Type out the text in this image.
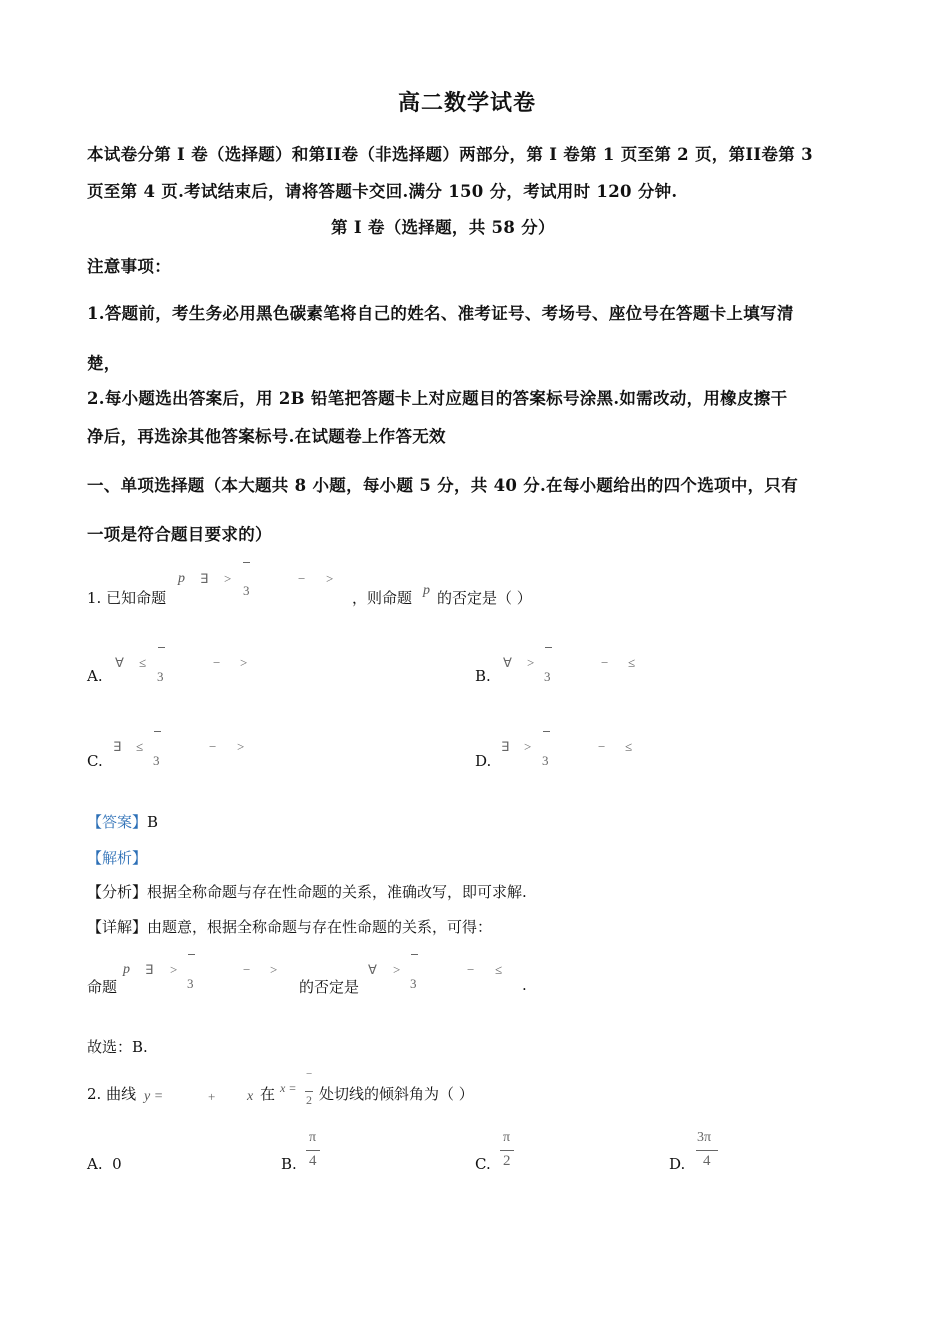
高二数学试卷
本试卷分第 I 卷（选择题）和第II卷（非选择题）两部分，第 I 卷第 1 页至第 2 页，第II卷第 3
页至第 4 页.考试结束后，请将答题卡交回.满分 150 分，考试用时 120 分钟.
第 I 卷（选择题，共 58 分）
注意事项：
1.答题前，考生务必用黑色碳素笔将自己的姓名、准考证号、考场号、座位号在答题卡上填写清
楚，
2.每小题选出答案后，用 2B 铅笔把答题卡上对应题目的答案标号涂黑.如需改动，用橡皮擦干
净后，再选涂其他答案标号.在试题卷上作答无效
一、单项选择题（本大题共 8 小题，每小题 5 分，共 40 分.在每小题给出的四个选项中，只有
一项是符合题目要求的）
1. 已知命题
p ∃ >
3
− >
，则命题 p 的否定是（ ）
A.
∀ ≤
3
− >
B.
∀ >
3
− ≤
C.
∃ ≤
3
− >
D.
∃ >
3
− ≤
【答案】B
【解析】
【分析】根据全称命题与存在性命题的关系，准确改写，即可求解.
【详解】由题意，根据全称命题与存在性命题的关系，可得：
命题
p ∃ >
3
− >
的否定是
∀ >
3
− ≤
.
故选：B.
2. 曲线 y =	+ x 在 x =
−
2 处切线的倾斜角为（ ）
A. 0	B.
π
4	C.
π
2	D.
3π
4
